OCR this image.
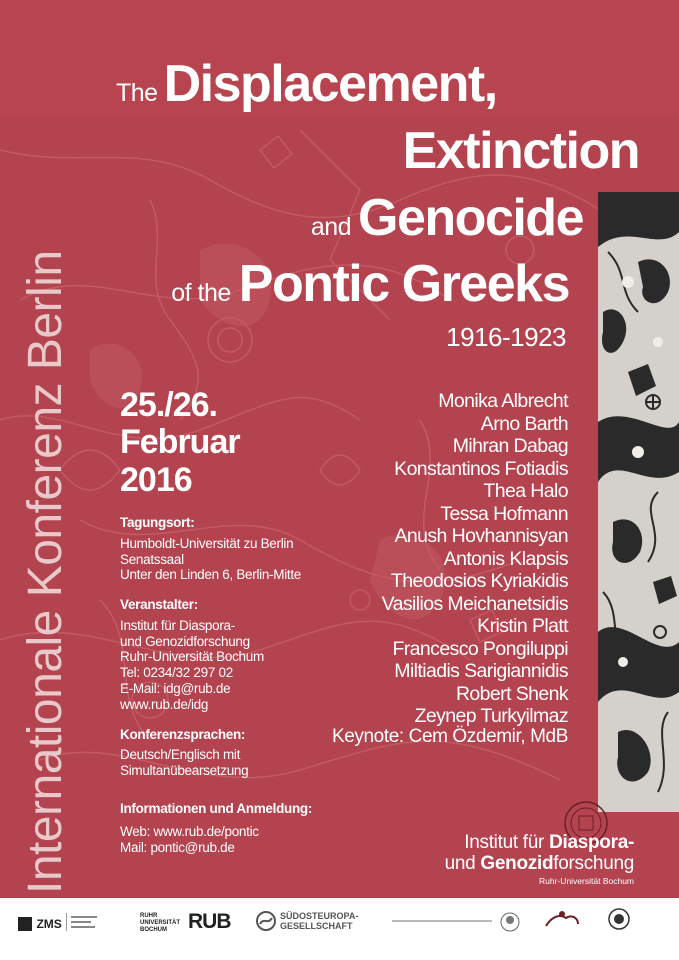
The Displacement,
Extinction
and Genocide
of the Pontic Greeks
1916-1923
Internationale Konferenz Berlin 25./26.
Februar
2016
Tagungsort:
Humboldt-Universität zu Berlin
Senatssaal
Unter den Linden 6, Berlin-Mitte
Veranstalter:
Institut für Diaspora-
und Genozidforschung
Ruhr-Universität Bochum
Tel: 0234/32 297 02
E-Mail: idg@rub.de
www.rub.de/idg
Konferenzsprachen:
Deutsch/Englisch mit
Simultanübearsetzung
Informationen und Anmeldung:
Web: www.rub.de/pontic
Mail: pontic@rub.de
Monika Albrecht
Arno Barth
Mihran Dabag
Konstantinos Fotiadis
Thea Halo
Tessa Hofmann
Anush Hovhannisyan
Antonis Klapsis
Theodosios Kyriakidis
Vasilios Meichanetsidis
Kristin Platt
Francesco Pongiluppi
Miltiadis Sarigiannidis
Robert Shenk
Zeynep Turkyilmaz
Keynote: Cem Özdemir, MdB
Institut für Diaspora-
und Genozidforschung
Ruhr-Universität Bochum
ZMS
RUHR UNIVERSITÄT BOCHUM	RUB	SÜDOSTEUROPA-
GESELLSCHAFT
